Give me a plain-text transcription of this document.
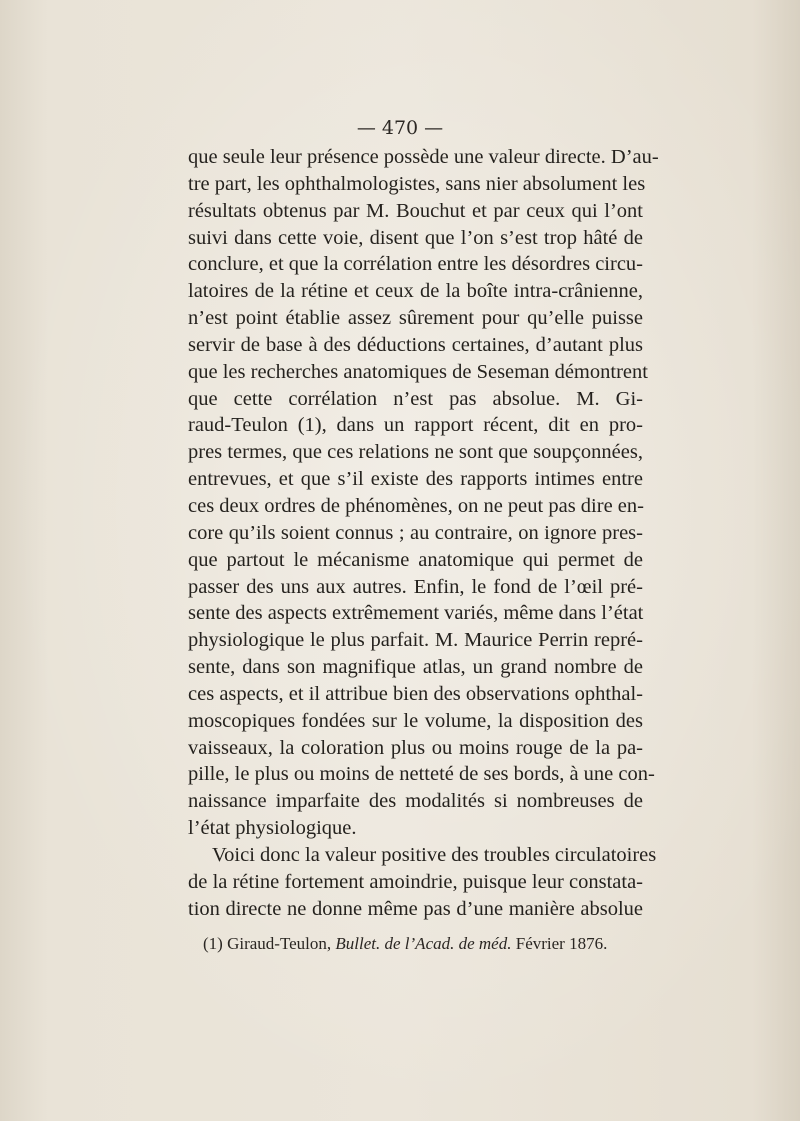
— 470 —
que seule leur présence possède une valeur directe. D’au-
tre part, les ophthalmologistes, sans nier absolument les
résultats obtenus par M. Bouchut et par ceux qui l’ont
suivi dans cette voie, disent que l’on s’est trop hâté de
conclure, et que la corrélation entre les désordres circu-
latoires de la rétine et ceux de la boîte intra-crânienne,
n’est point établie assez sûrement pour qu’elle puisse
servir de base à des déductions certaines, d’autant plus
que les recherches anatomiques de Seseman démontrent
que cette corrélation n’est pas absolue. M. Gi-
raud-Teulon (1), dans un rapport récent, dit en pro-
pres termes, que ces relations ne sont que soupçonnées,
entrevues, et que s’il existe des rapports intimes entre
ces deux ordres de phénomènes, on ne peut pas dire en-
core qu’ils soient connus ; au contraire, on ignore pres-
que partout le mécanisme anatomique qui permet de
passer des uns aux autres. Enfin, le fond de l’œil pré-
sente des aspects extrêmement variés, même dans l’état
physiologique le plus parfait. M. Maurice Perrin repré-
sente, dans son magnifique atlas, un grand nombre de
ces aspects, et il attribue bien des observations ophthal-
moscopiques fondées sur le volume, la disposition des
vaisseaux, la coloration plus ou moins rouge de la pa-
pille, le plus ou moins de netteté de ses bords, à une con-
naissance imparfaite des modalités si nombreuses de
l’état physiologique.
Voici donc la valeur positive des troubles circulatoires
de la rétine fortement amoindrie, puisque leur constata-
tion directe ne donne même pas d’une manière absolue
(1) Giraud-Teulon, Bullet. de l’Acad. de méd. Février 1876.
